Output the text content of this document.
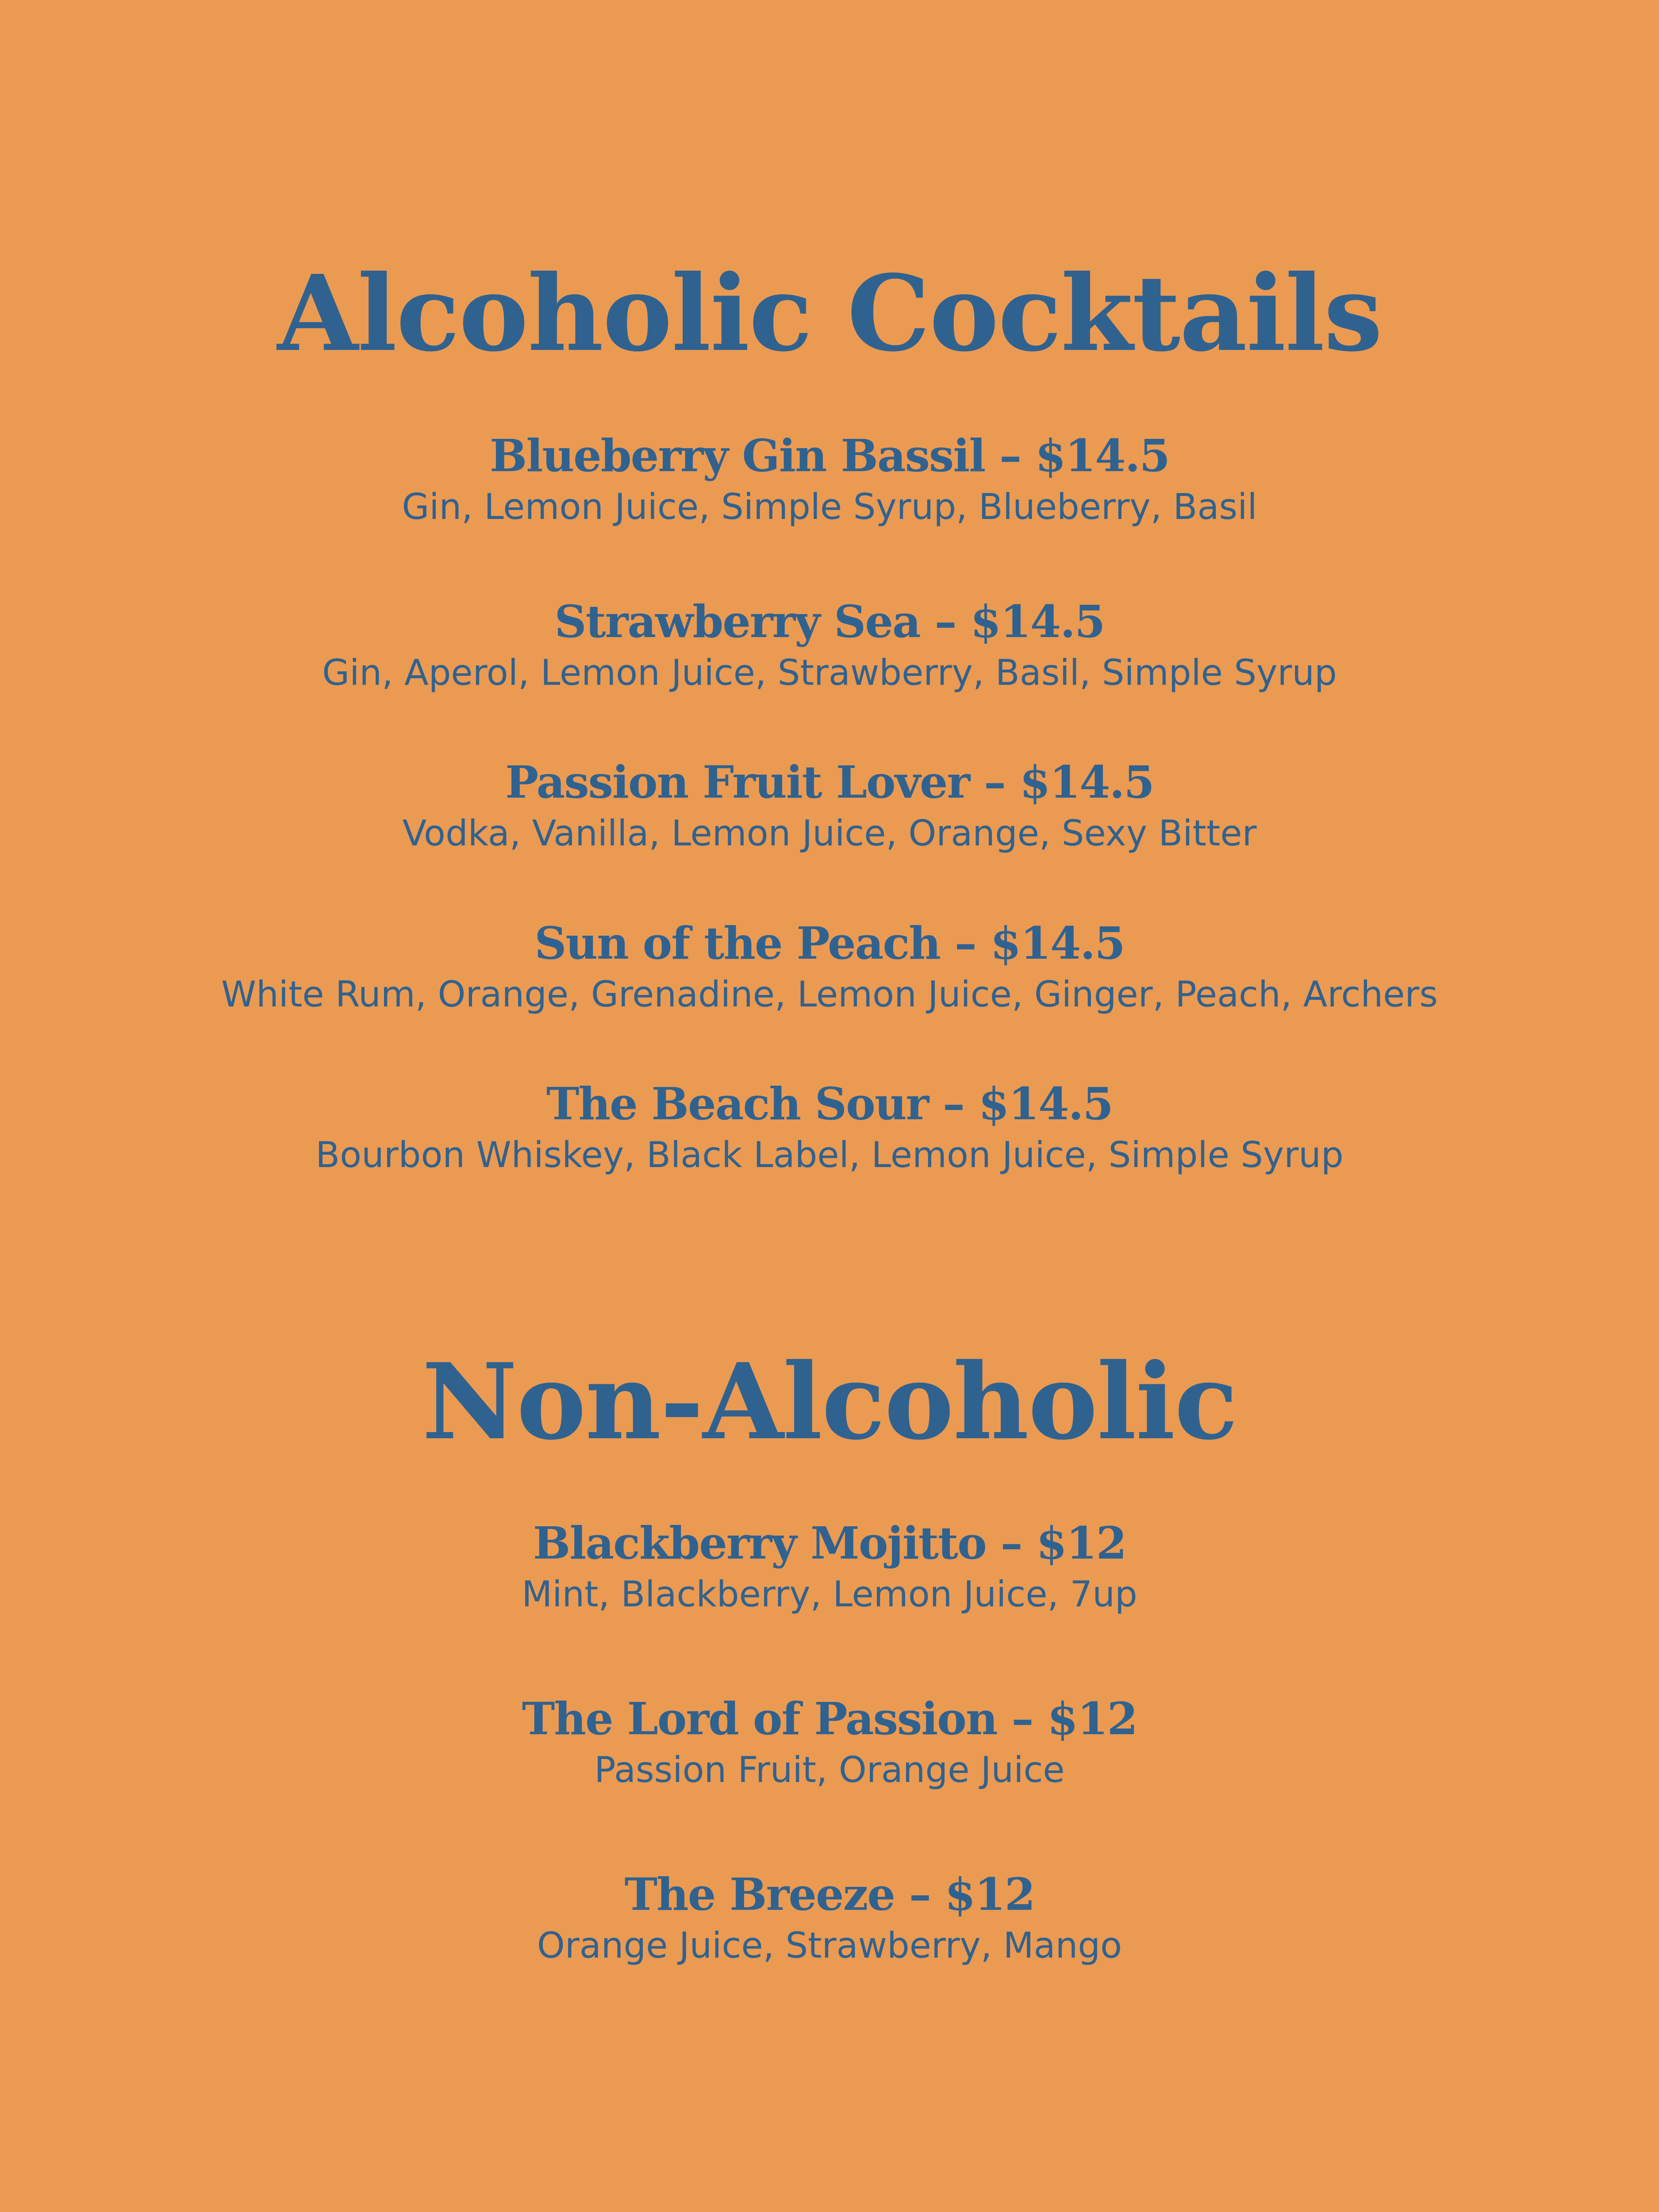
Alcoholic Cocktails
Blueberry Gin Bassil – $14.5
Gin, Lemon Juice, Simple Syrup, Blueberry, Basil
Strawberry Sea – $14.5
Gin, Aperol, Lemon Juice, Strawberry, Basil, Simple Syrup
Passion Fruit Lover – $14.5
Vodka, Vanilla, Lemon Juice, Orange, Sexy Bitter
Sun of the Peach – $14.5
White Rum, Orange, Grenadine, Lemon Juice, Ginger, Peach, Archers
The Beach Sour – $14.5
Bourbon Whiskey, Black Label, Lemon Juice, Simple Syrup
Non-Alcoholic
Blackberry Mojitto – $12
Mint, Blackberry, Lemon Juice, 7up
The Lord of Passion – $12
Passion Fruit, Orange Juice
The Breeze – $12
Orange Juice, Strawberry, Mango
